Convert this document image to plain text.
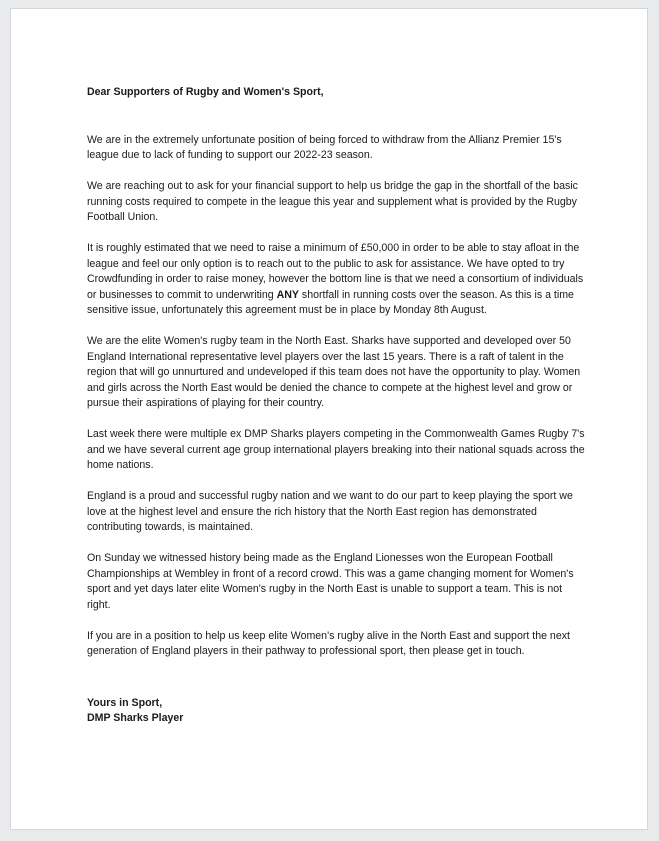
Dear Supporters of Rugby and Women's Sport,

We are in the extremely unfortunate position of being forced to withdraw from the Allianz Premier 15's league due to lack of funding to support our 2022-23 season.

We are reaching out to ask for your financial support to help us bridge the gap in the shortfall of the basic running costs required to compete in the league this year and supplement what is provided by the Rugby Football Union.

It is roughly estimated that we need to raise a minimum of £50,000 in order to be able to stay afloat in the league and feel our only option is to reach out to the public to ask for assistance. We have opted to try Crowdfunding in order to raise money, however the bottom line is that we need a consortium of individuals or businesses to commit to underwriting ANY shortfall in running costs over the season. As this is a time sensitive issue, unfortunately this agreement must be in place by Monday 8th August.

We are the elite Women's rugby team in the North East. Sharks have supported and developed over 50 England International representative level players over the last 15 years. There is a raft of talent in the region that will go unnurtured and undeveloped if this team does not have the opportunity to play. Women and girls across the North East would be denied the chance to compete at the highest level and grow or pursue their aspirations of playing for their country.

Last week there were multiple ex DMP Sharks players competing in the Commonwealth Games Rugby 7's and we have several current age group international players breaking into their national squads across the home nations.

England is a proud and successful rugby nation and we want to do our part to keep playing the sport we love at the highest level and ensure the rich history that the North East region has demonstrated contributing towards, is maintained.

On Sunday we witnessed history being made as the England Lionesses won the European Football Championships at Wembley in front of a record crowd. This was a game changing moment for Women's sport and yet days later elite Women's rugby in the North East is unable to support a team. This is not right.

If you are in a position to help us keep elite Women's rugby alive in the North East and support the next generation of England players in their pathway to professional sport, then please get in touch.

Yours in Sport,
DMP Sharks Player
